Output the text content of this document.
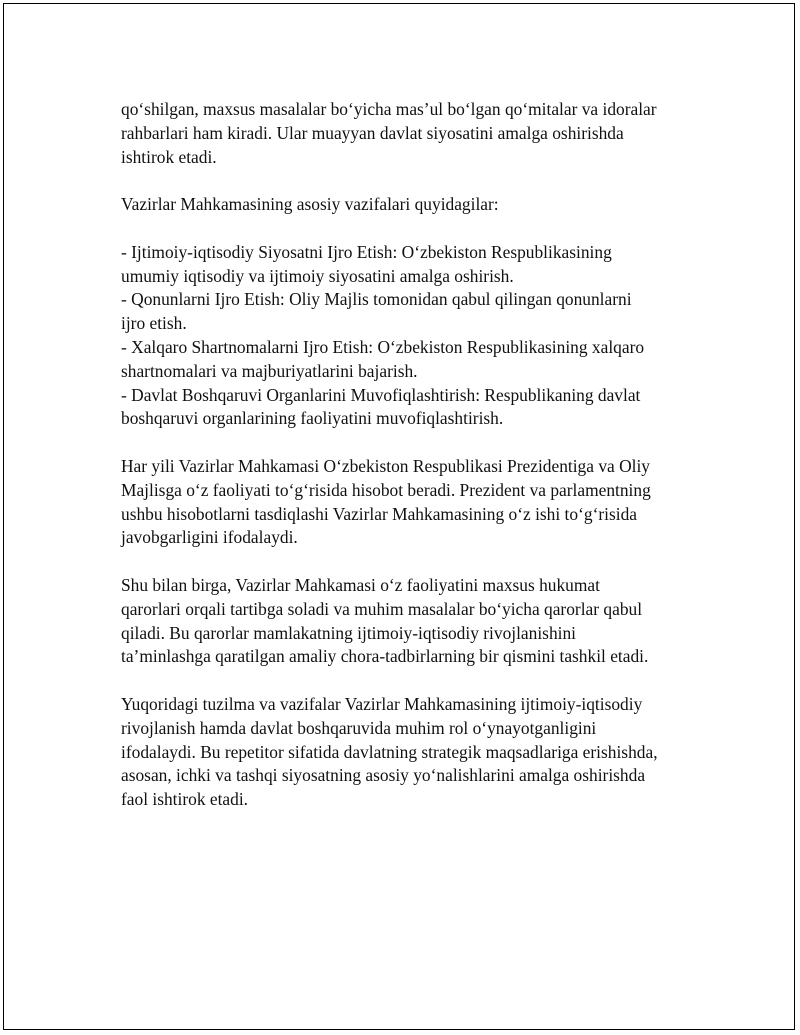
qo‘shilgan, maxsus masalalar bo‘yicha mas’ul bo‘lgan qo‘mitalar va idoralar
rahbarlari ham kiradi. Ular muayyan davlat siyosatini amalga oshirishda
ishtirok etadi.
Vazirlar Mahkamasining asosiy vazifalari quyidagilar:
- Ijtimoiy-iqtisodiy Siyosatni Ijro Etish: O‘zbekiston Respublikasining
umumiy iqtisodiy va ijtimoiy siyosatini amalga oshirish.
- Qonunlarni Ijro Etish: Oliy Majlis tomonidan qabul qilingan qonunlarni
ijro etish.
- Xalqaro Shartnomalarni Ijro Etish: O‘zbekiston Respublikasining xalqaro
shartnomalari va majburiyatlarini bajarish.
- Davlat Boshqaruvi Organlarini Muvofiqlashtirish: Respublikaning davlat
boshqaruvi organlarining faoliyatini muvofiqlashtirish.
Har yili Vazirlar Mahkamasi O‘zbekiston Respublikasi Prezidentiga va Oliy
Majlisga o‘z faoliyati to‘g‘risida hisobot beradi. Prezident va parlamentning
ushbu hisobotlarni tasdiqlashi Vazirlar Mahkamasining o‘z ishi to‘g‘risida
javobgarligini ifodalaydi.
Shu bilan birga, Vazirlar Mahkamasi o‘z faoliyatini maxsus hukumat
qarorlari orqali tartibga soladi va muhim masalalar bo‘yicha qarorlar qabul
qiladi. Bu qarorlar mamlakatning ijtimoiy-iqtisodiy rivojlanishini
ta’minlashga qaratilgan amaliy chora-tadbirlarning bir qismini tashkil etadi.
Yuqoridagi tuzilma va vazifalar Vazirlar Mahkamasining ijtimoiy-iqtisodiy
rivojlanish hamda davlat boshqaruvida muhim rol o‘ynayotganligini
ifodalaydi. Bu repetitor sifatida davlatning strategik maqsadlariga erishishda,
asosan, ichki va tashqi siyosatning asosiy yo‘nalishlarini amalga oshirishda
faol ishtirok etadi.
